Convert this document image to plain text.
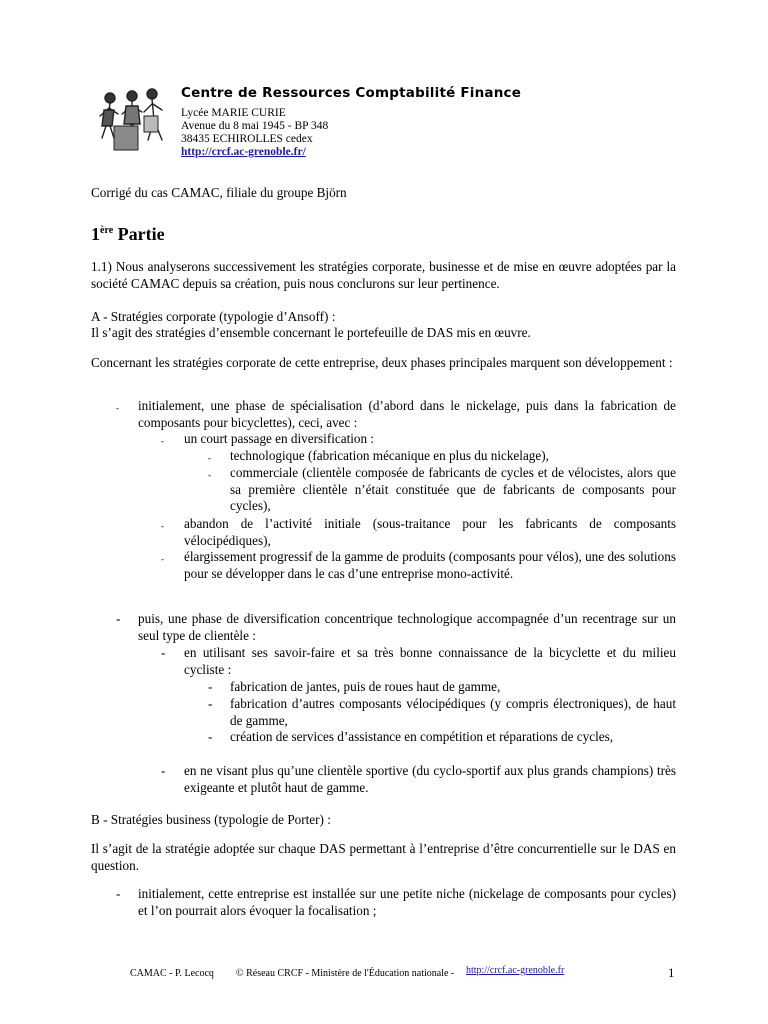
Centre de Ressources Comptabilité Finance
Lycée MARIE CURIE
Avenue du 8 mai 1945 - BP 348
38435 ECHIROLLES cedex
http://crcf.ac-grenoble.fr/
Corrigé du cas CAMAC, filiale du groupe Björn
1ère Partie
1.1) Nous analyserons successivement les stratégies corporate, businesse et de mise en œuvre adoptées par la société CAMAC depuis sa création, puis nous conclurons sur leur pertinence.
A - Stratégies corporate (typologie d’Ansoff) :
Il s’agit des stratégies d’ensemble concernant le portefeuille de DAS mis en œuvre.
Concernant les stratégies corporate de cette entreprise, deux phases principales marquent son développement :
- initialement, une phase de spécialisation (d’abord dans le nickelage, puis dans la fabrication de composants pour bicyclettes), ceci, avec :
- un court passage en diversification :
- technologique (fabrication mécanique en plus du nickelage),
- commerciale (clientèle composée de fabricants de cycles et de vélocistes, alors que sa première clientèle n’était constituée que de fabricants de composants pour cycles),
- abandon de l’activité initiale (sous-traitance pour les fabricants de composants vélocipédiques),
- élargissement progressif de la gamme de produits (composants pour vélos), une des solutions pour se développer dans le cas d’une entreprise mono-activité.
- puis, une phase de diversification concentrique technologique accompagnée d’un recentrage sur un seul type de clientèle :
- en utilisant ses savoir-faire et sa très bonne connaissance de la bicyclette et du milieu cycliste :
- fabrication de jantes, puis de roues haut de gamme,
- fabrication d’autres composants vélocipédiques (y compris électroniques), de haut de gamme,
- création de services d’assistance en compétition et réparations de cycles,
- en ne visant plus qu’une clientèle sportive (du cyclo-sportif aux plus grands champions) très exigeante et plutôt haut de gamme.
B - Stratégies business (typologie de Porter) :
Il s’agit de la stratégie adoptée sur chaque DAS permettant à l’entreprise d’être concurrentielle sur le DAS en question.
- initialement, cette entreprise est installée sur une petite niche (nickelage de composants pour cycles) et l’on pourrait alors évoquer la focalisation ;
CAMAC - P. Lecocq © Réseau CRCF - Ministère de l'Éducation nationale - http://crcf.ac-grenoble.fr	1
